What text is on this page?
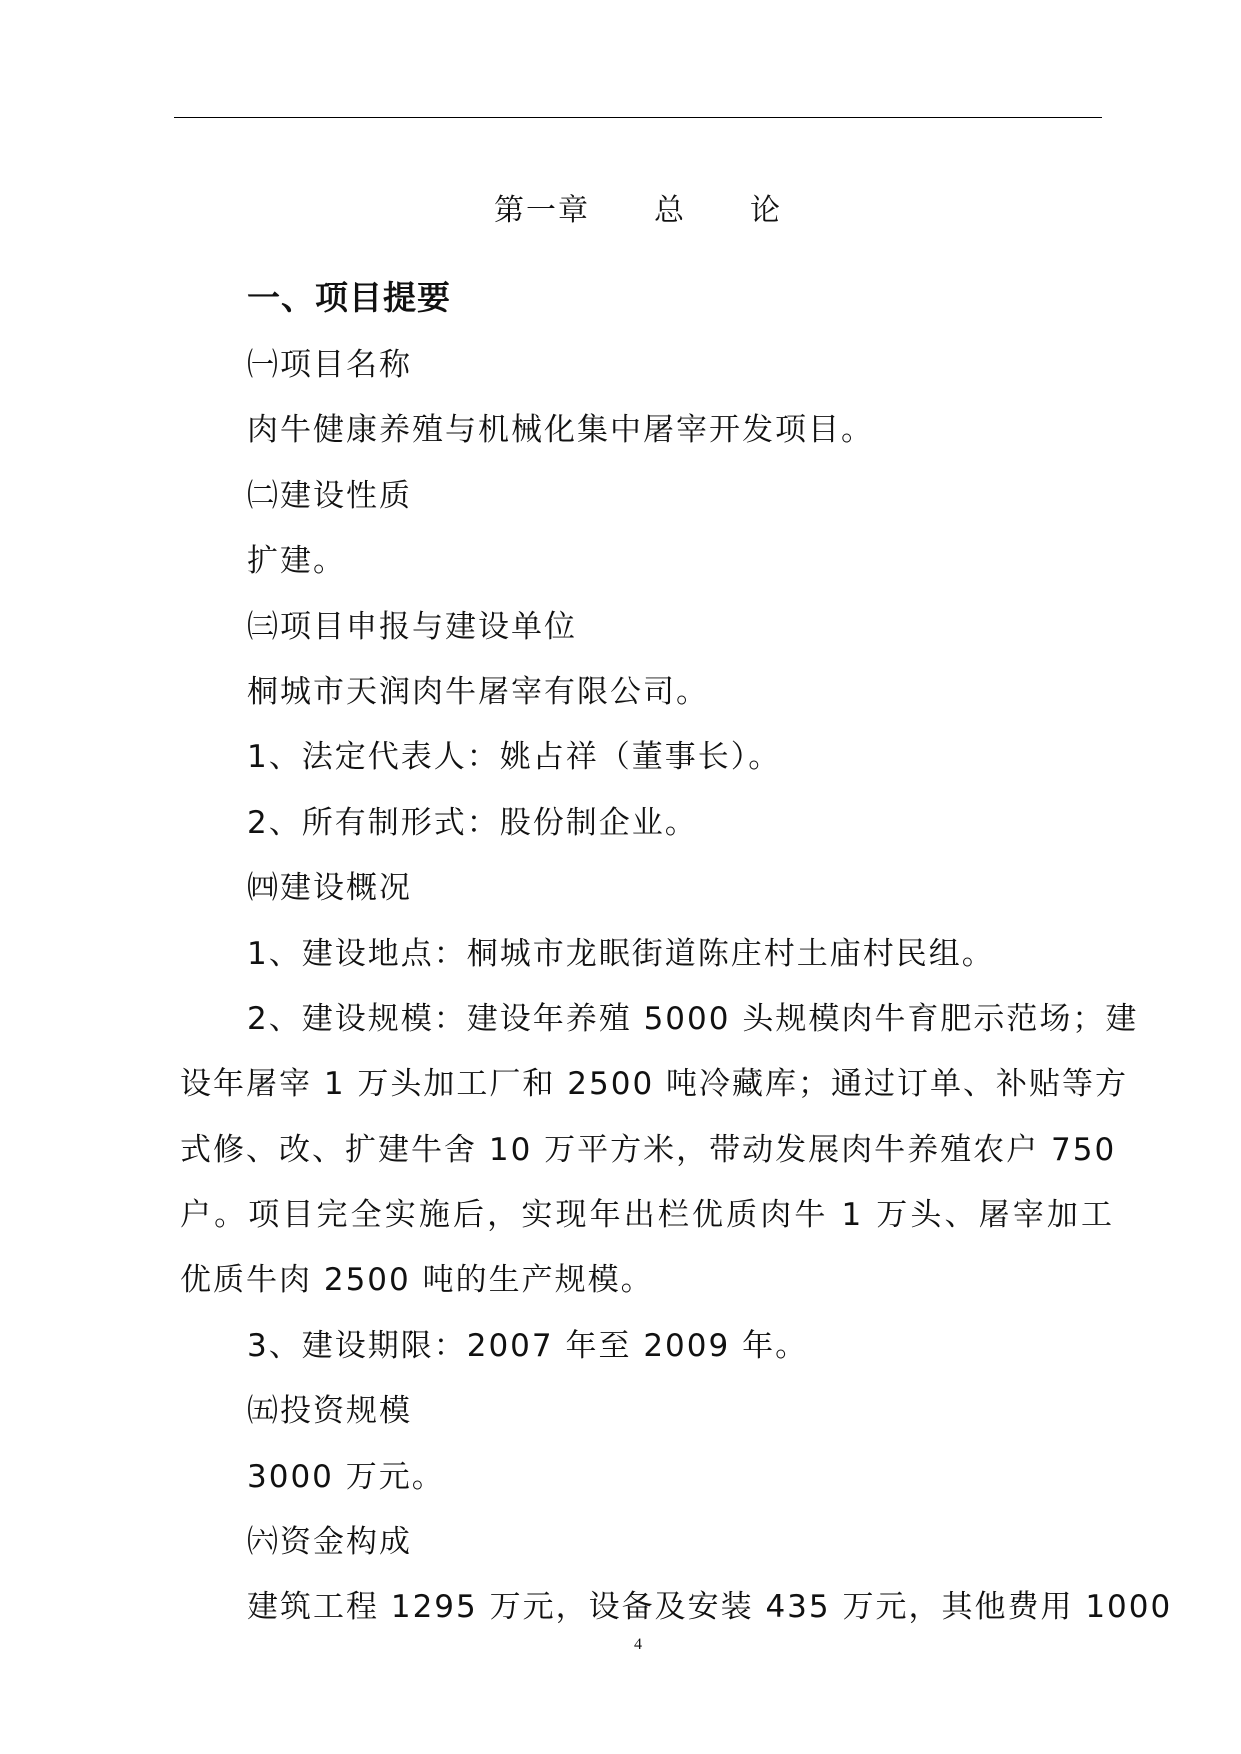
第一章　　总　　论
一、项目提要
㈠项目名称
肉牛健康养殖与机械化集中屠宰开发项目。
㈡建设性质
扩建。
㈢项目申报与建设单位
桐城市天润肉牛屠宰有限公司。
1、法定代表人：姚占祥（董事长）。
2、所有制形式：股份制企业。
㈣建设概况
1、建设地点：桐城市龙眠街道陈庄村土庙村民组。
2、建设规模：建设年养殖 5000 头规模肉牛育肥示范场；建
设年屠宰 1 万头加工厂和 2500 吨冷藏库；通过订单、补贴等方
式修、改、扩建牛舍 10 万平方米，带动发展肉牛养殖农户 750
户。项目完全实施后，实现年出栏优质肉牛 1 万头、屠宰加工
优质牛肉 2500 吨的生产规模。
3、建设期限：2007 年至 2009 年。
㈤投资规模
3000 万元。
㈥资金构成
建筑工程 1295 万元，设备及安装 435 万元，其他费用 1000
4
